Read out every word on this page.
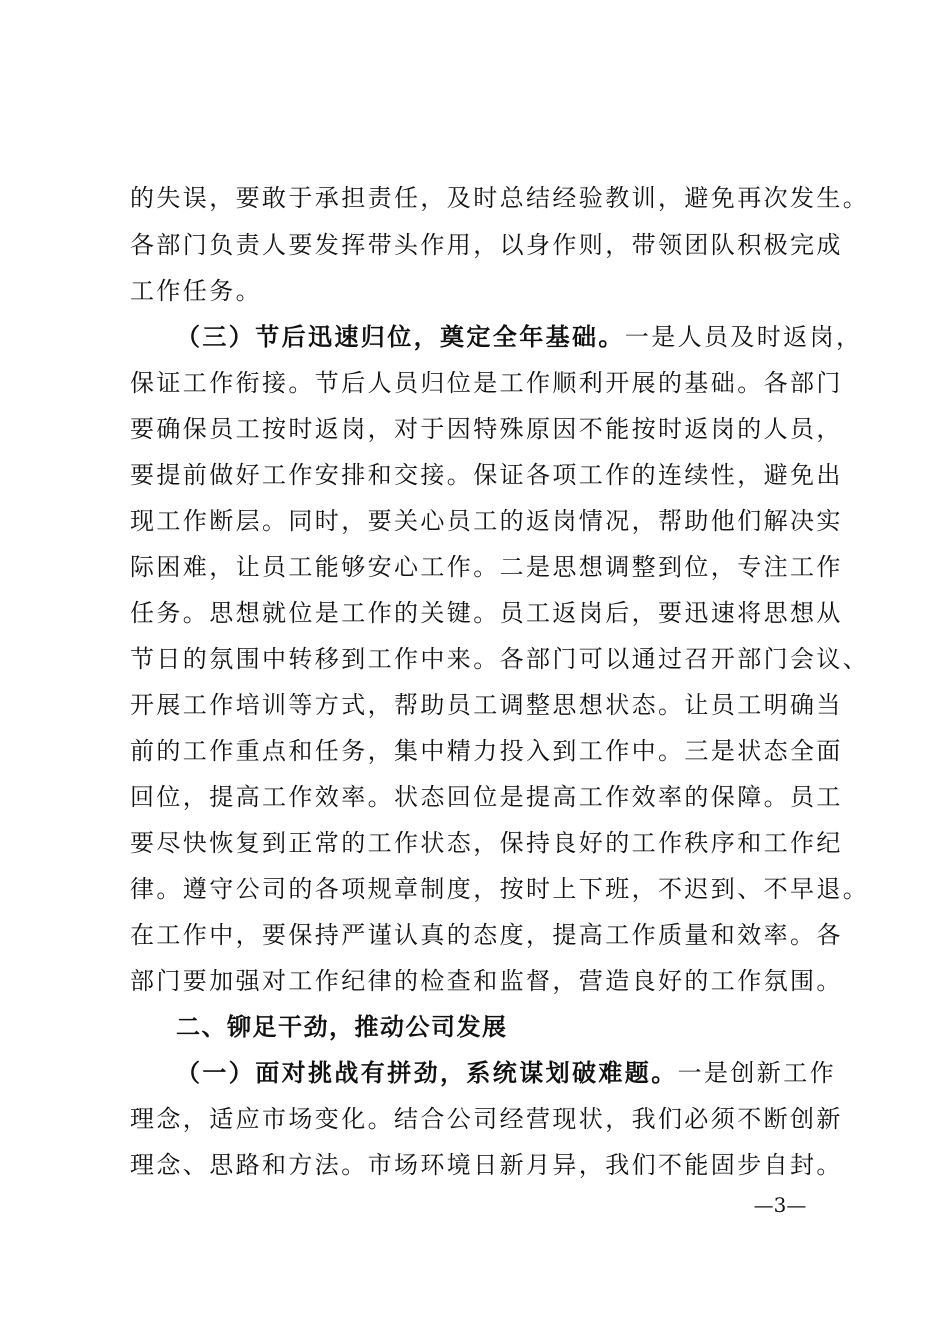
的失误，要敢于承担责任，及时总结经验教训，避免再次发生。
各部门负责人要发挥带头作用，以身作则，带领团队积极完成
工作任务。
（三）节后迅速归位，奠定全年基础。一是人员及时返岗，
保证工作衔接。节后人员归位是工作顺利开展的基础。各部门
要确保员工按时返岗，对于因特殊原因不能按时返岗的人员，
要提前做好工作安排和交接。保证各项工作的连续性，避免出
现工作断层。同时，要关心员工的返岗情况，帮助他们解决实
际困难，让员工能够安心工作。二是思想调整到位，专注工作
任务。思想就位是工作的关键。员工返岗后，要迅速将思想从
节日的氛围中转移到工作中来。各部门可以通过召开部门会议、
开展工作培训等方式，帮助员工调整思想状态。让员工明确当
前的工作重点和任务，集中精力投入到工作中。三是状态全面
回位，提高工作效率。状态回位是提高工作效率的保障。员工
要尽快恢复到正常的工作状态，保持良好的工作秩序和工作纪
律。遵守公司的各项规章制度，按时上下班，不迟到、不早退。
在工作中，要保持严谨认真的态度，提高工作质量和效率。各
部门要加强对工作纪律的检查和监督，营造良好的工作氛围。
二、铆足干劲，推动公司发展
（一）面对挑战有拼劲，系统谋划破难题。一是创新工作
理念，适应市场变化。结合公司经营现状，我们必须不断创新
理念、思路和方法。市场环境日新月异，我们不能固步自封。
—3—
